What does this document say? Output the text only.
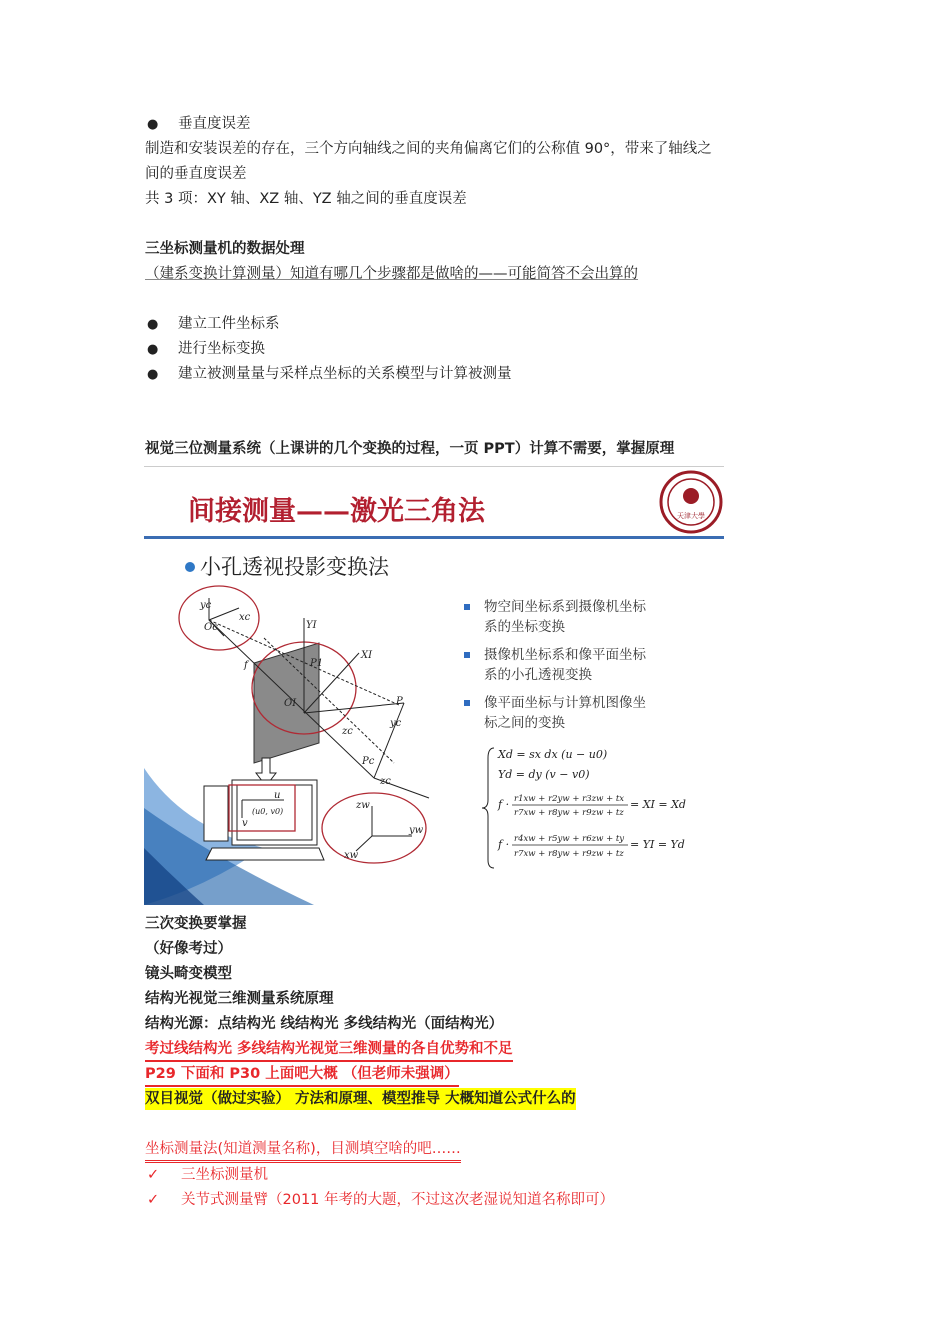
●	垂直度误差
制造和安装误差的存在，三个方向轴线之间的夹角偏离它们的公称值 90°，带来了轴线之
间的垂直度误差
共 3 项：XY 轴、XZ 轴、YZ 轴之间的垂直度误差
三坐标测量机的数据处理
（建系变换计算测量）知道有哪几个步骤都是做啥的——可能简答不会出算的
●	建立工件坐标系
●	进行坐标变换
●	建立被测量量与采样点坐标的关系模型与计算被测量
视觉三位测量系统（上课讲的几个变换的过程，一页 PPT）计算不需要，掌握原理
间接测量——激光三角法	天津大學
小孔透视投影变换法
物空间坐标系到摄像机坐标
系的坐标变换
摄像机坐标系和像平面坐标
系的小孔透视变换
像平面坐标与计算机图像坐
标之间的变换
Xd = sx dx (u − u0)
Yd = dy (v − v0)
f · r1xw + r2yw + r3zw + tx
r7xw + r8yw + r9zw + tz
= XI = Xd
f · r4xw + r5yw + r6zw + ty
r7xw + r8yw + r9zw + tz
= YI = Yd
yc
xc
Oc
f
YI
XI
P1
OI	P
Pc
zc
zc
yc
zw
yw
xw
u
v
(u0, v0)
三次变换要掌握
（好像考过）
镜头畸变模型
结构光视觉三维测量系统原理
结构光源：点结构光 线结构光 多线结构光（面结构光）
考过线结构光 多线结构光视觉三维测量的各自优势和不足
P29 下面和 P30 上面吧大概 （但老师未强调）
双目视觉（做过实验） 方法和原理、模型推导 大概知道公式什么的
坐标测量法(知道测量名称)，目测填空啥的吧……
✓	三坐标测量机
✓	关节式测量臂（2011 年考的大题，不过这次老湿说知道名称即可）
